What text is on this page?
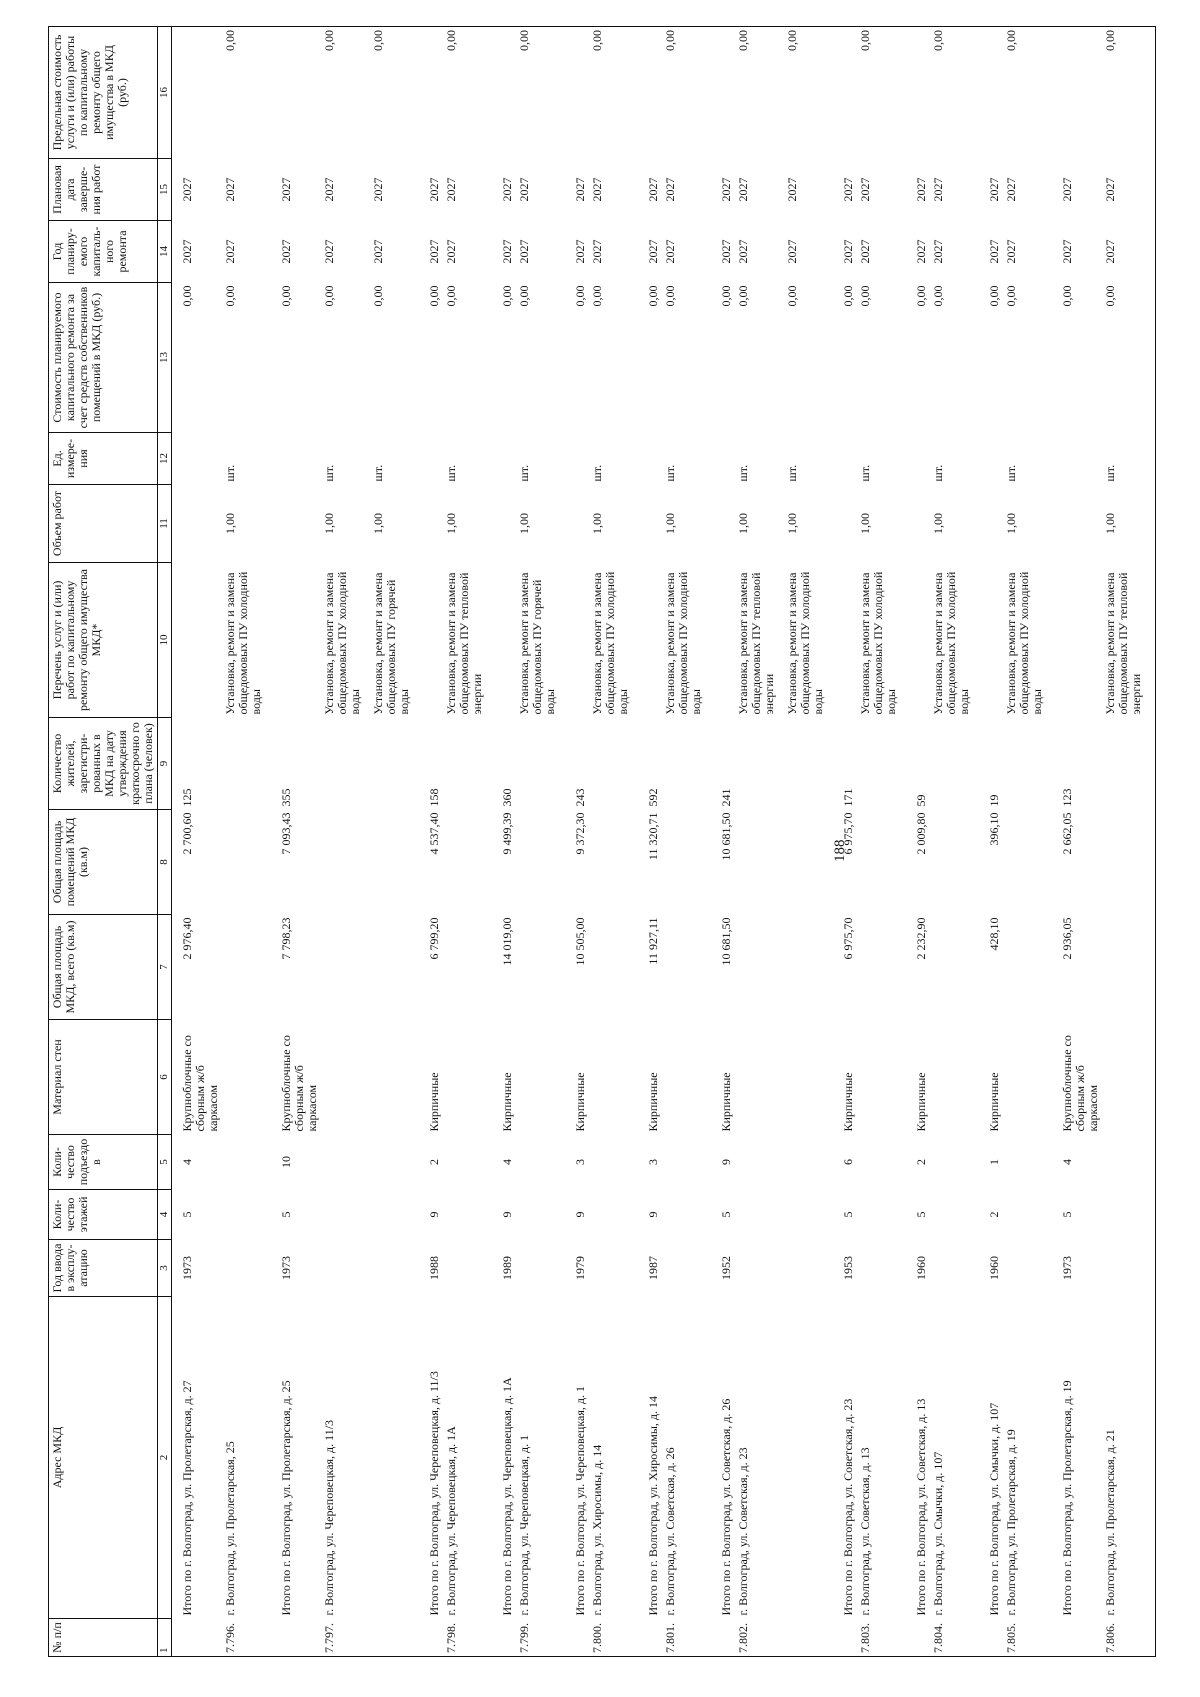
188
№ п/п	Адрес МКД	Год ввода в эксплу-атацию	Коли-чество этажей	Коли-чество подъездов	Материал стен	Общая площадь МКД, всего (кв.м)	Общая площадь помещений МКД (кв.м)	Количество жителей, зарегистри-рованных в МКД на дату утверждения краткосрочно го плана (человек)	Перечень услуг и (или) работ по капитальному ремонту общего имущества МКД*	Объем работ	Ед. измере-ния	Стоимость планируемого капитального ремонта за счет средств собственников помещений в МКД (руб.)	Год планиру-емого капиталь-ного ремонта	Плановая дата заверше-ния работ	Предельная стоимость услуги и (или) работы по капитальному ремонту общего имущества в МКД (руб.)
1	2	3	4	5	6	7	8	9	10	11	12	13	14	15	16
	Итого по г. Волгоград, ул. Пролетарская, д. 27	1973	5	4	Крупноблочные со сборным ж/б каркасом	2 976,40	2 700,60	125				0,00	2027	2027	
7.796.	г. Волгоград, ул. Пролетарская, 25								Установка, ремонт и замена общедомовых ПУ холодной воды	1,00	шт.	0,00	2027	2027	0,00
	Итого по г. Волгоград, ул. Пролетарская, д. 25	1973	5	10	Крупноблочные со сборным ж/б каркасом	7 798,23	7 093,43	355				0,00	2027	2027	
7.797.	г. Волгоград, ул. Череповецкая, д. 11/3								Установка, ремонт и замена общедомовых ПУ холодной воды	1,00	шт.	0,00	2027	2027	0,00
									Установка, ремонт и замена общедомовых ПУ горячей воды	1,00	шт.	0,00	2027	2027	0,00
	Итого по г. Волгоград, ул. Череповецкая, д. 11/3	1988	9	2	Кирпичные	6 799,20	4 537,40	158				0,00	2027	2027	
7.798.	г. Волгоград, ул. Череповецкая, д. 1А								Установка, ремонт и замена общедомовых ПУ тепловой энергии	1,00	шт.	0,00	2027	2027	0,00
	Итого по г. Волгоград, ул. Череповецкая, д. 1А	1989	9	4	Кирпичные	14 019,00	9 499,39	360				0,00	2027	2027	
7.799.	г. Волгоград, ул. Череповецкая, д. 1								Установка, ремонт и замена общедомовых ПУ горячей воды	1,00	шт.	0,00	2027	2027	0,00
	Итого по г. Волгоград, ул. Череповецкая, д. 1	1979	9	3	Кирпичные	10 505,00	9 372,30	243				0,00	2027	2027	
7.800.	г. Волгоград, ул. Хиросимы, д. 14								Установка, ремонт и замена общедомовых ПУ холодной воды	1,00	шт.	0,00	2027	2027	0,00
	Итого по г. Волгоград, ул. Хиросимы, д. 14	1987	9	3	Кирпичные	11 927,11	11 320,71	592				0,00	2027	2027	
7.801.	г. Волгоград, ул. Советская, д. 26								Установка, ремонт и замена общедомовых ПУ холодной воды	1,00	шт.	0,00	2027	2027	0,00
	Итого по г. Волгоград, ул. Советская, д. 26	1952	5	9	Кирпичные	10 681,50	10 681,50	241				0,00	2027	2027	
7.802.	г. Волгоград, ул. Советская, д. 23								Установка, ремонт и замена общедомовых ПУ тепловой энергии	1,00	шт.	0,00	2027	2027	0,00
									Установка, ремонт и замена общедомовых ПУ холодной воды	1,00	шт.	0,00	2027	2027	0,00
	Итого по г. Волгоград, ул. Советская, д. 23	1953	5	6	Кирпичные	6 975,70	6 975,70	171				0,00	2027	2027	
7.803.	г. Волгоград, ул. Советская, д. 13								Установка, ремонт и замена общедомовых ПУ холодной воды	1,00	шт.	0,00	2027	2027	0,00
	Итого по г. Волгоград, ул. Советская, д. 13	1960	5	2	Кирпичные	2 232,90	2 009,80	59				0,00	2027	2027	
7.804.	г. Волгоград, ул. Смычки, д. 107								Установка, ремонт и замена общедомовых ПУ холодной воды	1,00	шт.	0,00	2027	2027	0,00
	Итого по г. Волгоград, ул. Смычки, д. 107	1960	2	1	Кирпичные	428,10	396,10	19				0,00	2027	2027	
7.805.	г. Волгоград, ул. Пролетарская, д. 19								Установка, ремонт и замена общедомовых ПУ холодной воды	1,00	шт.	0,00	2027	2027	0,00
	Итого по г. Волгоград, ул. Пролетарская, д. 19	1973	5	4	Крупноблочные со сборным ж/б каркасом	2 936,05	2 662,05	123				0,00	2027	2027	
7.806.	г. Волгоград, ул. Пролетарская, д. 21								Установка, ремонт и замена общедомовых ПУ тепловой энергии	1,00	шт.	0,00	2027	2027	0,00
